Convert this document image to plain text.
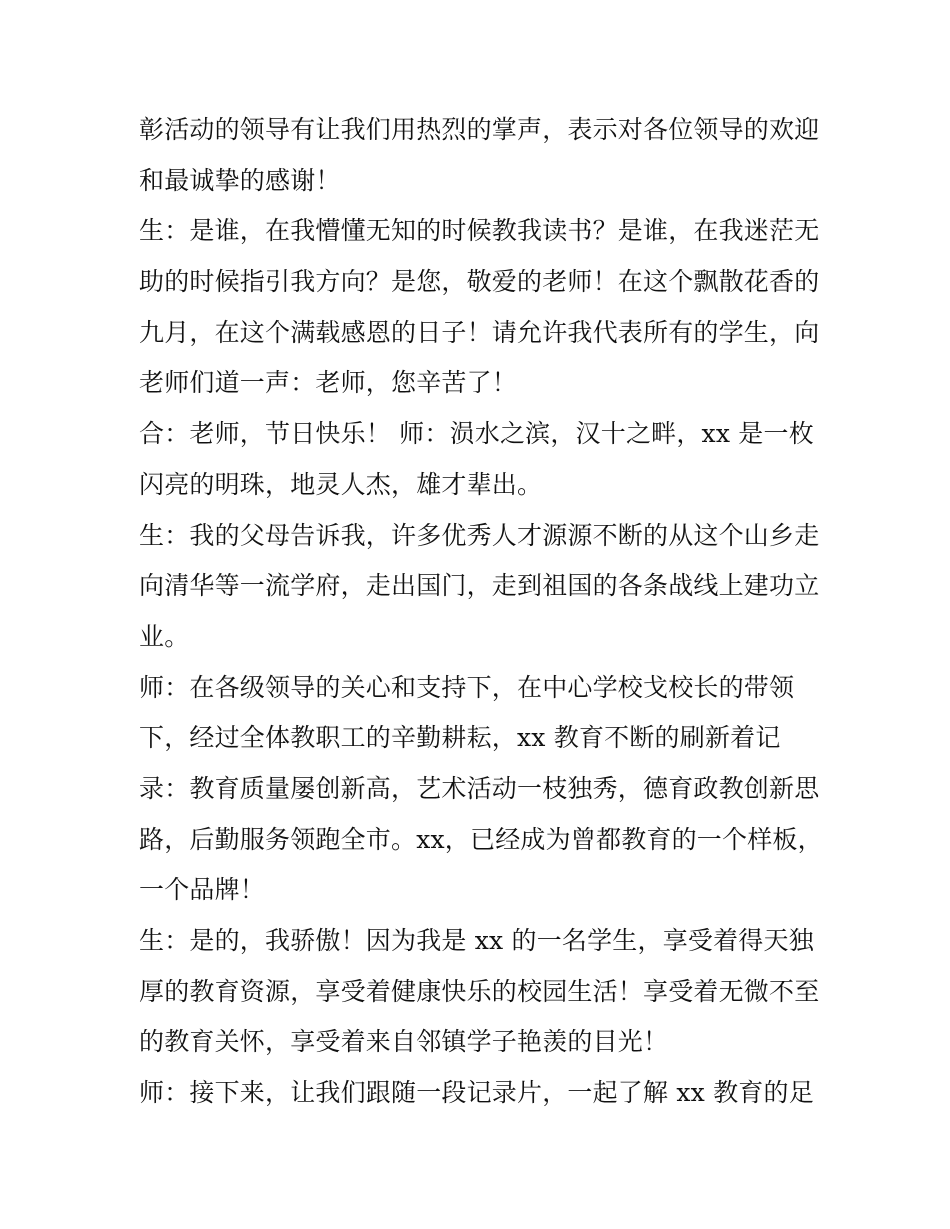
彰活动的领导有让我们用热烈的掌声，表示对各位领导的欢迎
和最诚挚的感谢！
生：是谁，在我懵懂无知的时候教我读书？是谁，在我迷茫无
助的时候指引我方向？是您，敬爱的老师！在这个飘散花香的
九月，在这个满载感恩的日子！请允许我代表所有的学生，向
老师们道一声：老师，您辛苦了！
合：老师，节日快乐！ 师：涢水之滨，汉十之畔，xx 是一枚
闪亮的明珠，地灵人杰，雄才辈出。
生：我的父母告诉我，许多优秀人才源源不断的从这个山乡走
向清华等一流学府，走出国门，走到祖国的各条战线上建功立
业。
师：在各级领导的关心和支持下，在中心学校戈校长的带领
下，经过全体教职工的辛勤耕耘，xx 教育不断的刷新着记
录：教育质量屡创新高，艺术活动一枝独秀，德育政教创新思
路，后勤服务领跑全市。xx，已经成为曾都教育的一个样板，
一个品牌！
生：是的，我骄傲！因为我是 xx 的一名学生，享受着得天独
厚的教育资源，享受着健康快乐的校园生活！享受着无微不至
的教育关怀，享受着来自邻镇学子艳羡的目光！
师：接下来，让我们跟随一段记录片，一起了解 xx 教育的足
